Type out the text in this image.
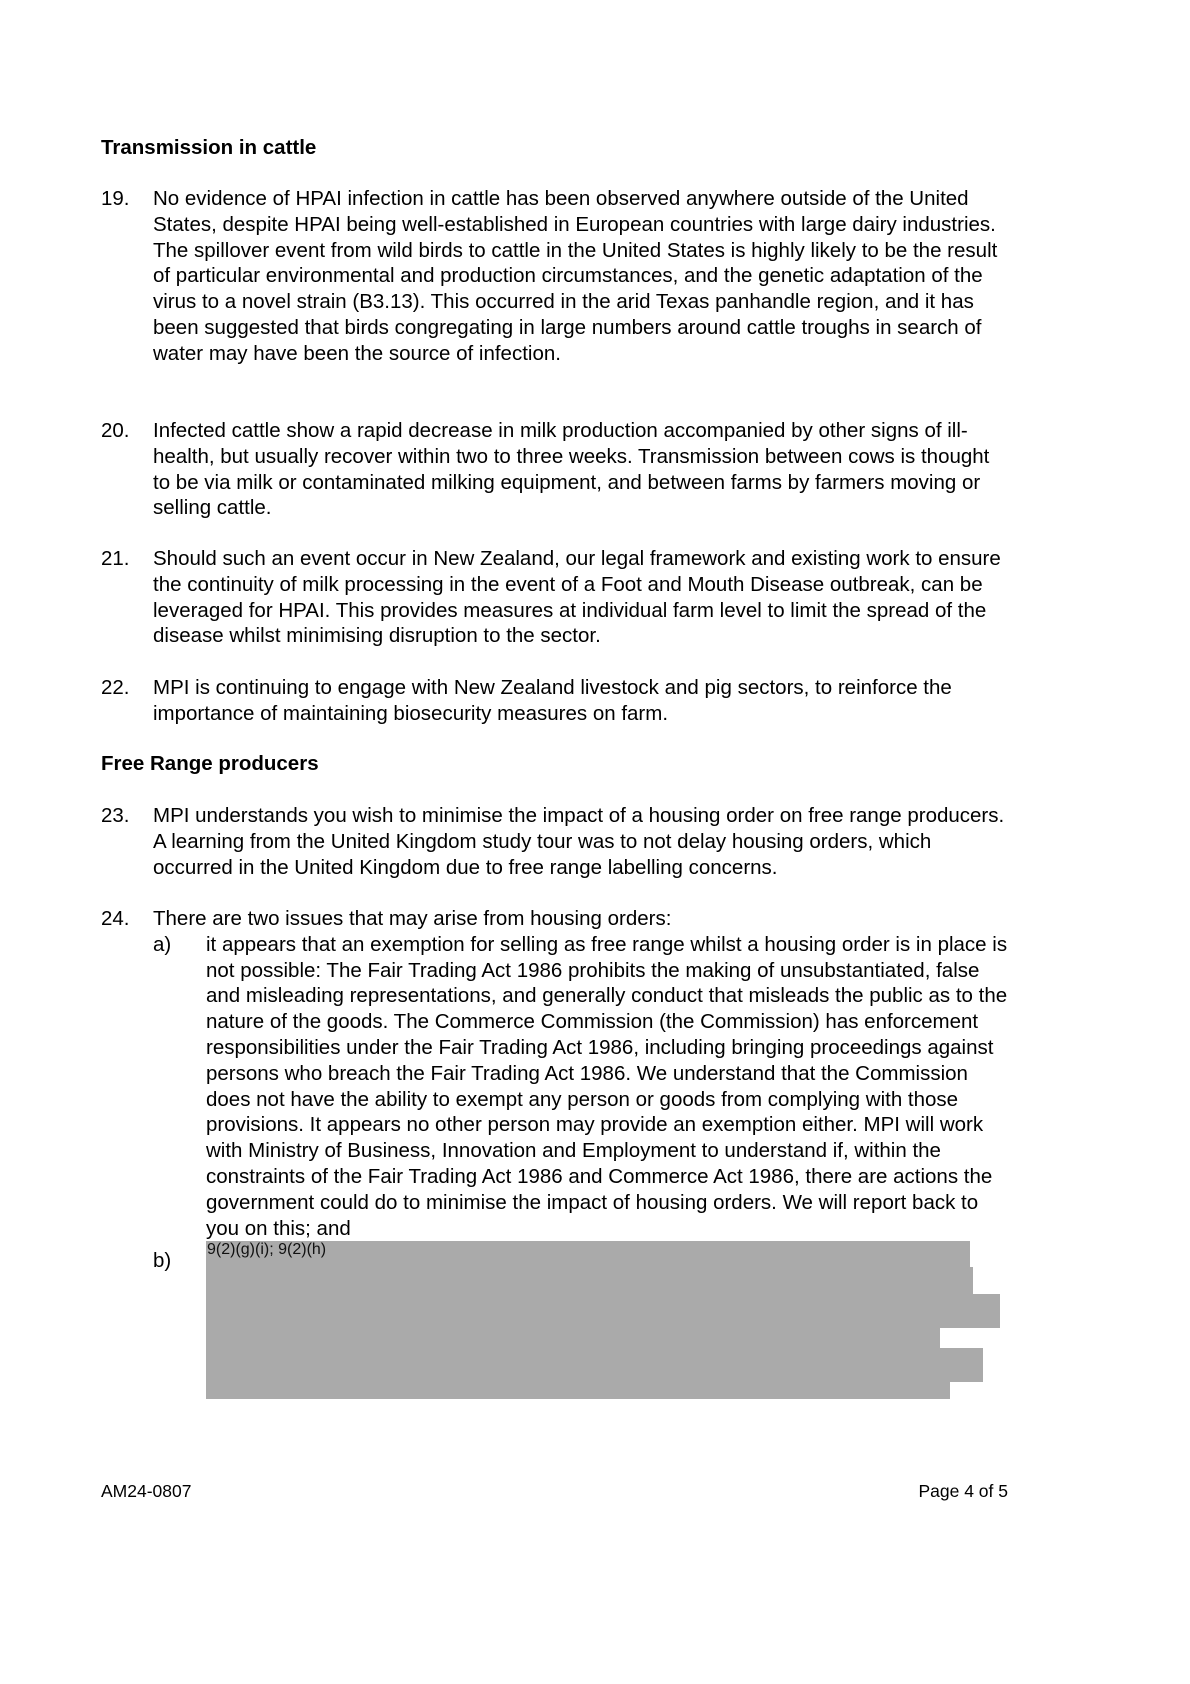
Transmission in cattle
19. No evidence of HPAI infection in cattle has been observed anywhere outside of the United States, despite HPAI being well-established in European countries with large dairy industries. The spillover event from wild birds to cattle in the United States is highly likely to be the result of particular environmental and production circumstances, and the genetic adaptation of the virus to a novel strain (B3.13). This occurred in the arid Texas panhandle region, and it has been suggested that birds congregating in large numbers around cattle troughs in search of water may have been the source of infection.
20. Infected cattle show a rapid decrease in milk production accompanied by other signs of ill-health, but usually recover within two to three weeks. Transmission between cows is thought to be via milk or contaminated milking equipment, and between farms by farmers moving or selling cattle.
21. Should such an event occur in New Zealand, our legal framework and existing work to ensure the continuity of milk processing in the event of a Foot and Mouth Disease outbreak, can be leveraged for HPAI. This provides measures at individual farm level to limit the spread of the disease whilst minimising disruption to the sector.
22. MPI is continuing to engage with New Zealand livestock and pig sectors, to reinforce the importance of maintaining biosecurity measures on farm.
Free Range producers
23. MPI understands you wish to minimise the impact of a housing order on free range producers. A learning from the United Kingdom study tour was to not delay housing orders, which occurred in the United Kingdom due to free range labelling concerns.
24. There are two issues that may arise from housing orders:
a) it appears that an exemption for selling as free range whilst a housing order is in place is not possible: The Fair Trading Act 1986 prohibits the making of unsubstantiated, false and misleading representations, and generally conduct that misleads the public as to the nature of the goods. The Commerce Commission (the Commission) has enforcement responsibilities under the Fair Trading Act 1986, including bringing proceedings against persons who breach the Fair Trading Act 1986. We understand that the Commission does not have the ability to exempt any person or goods from complying with those provisions. It appears no other person may provide an exemption either. MPI will work with Ministry of Business, Innovation and Employment to understand if, within the constraints of the Fair Trading Act 1986 and Commerce Act 1986, there are actions the government could do to minimise the impact of housing orders. We will report back to you on this; and
b) 9(2)(g)(i); 9(2)(h)
AM24-0807	Page 4 of 5
